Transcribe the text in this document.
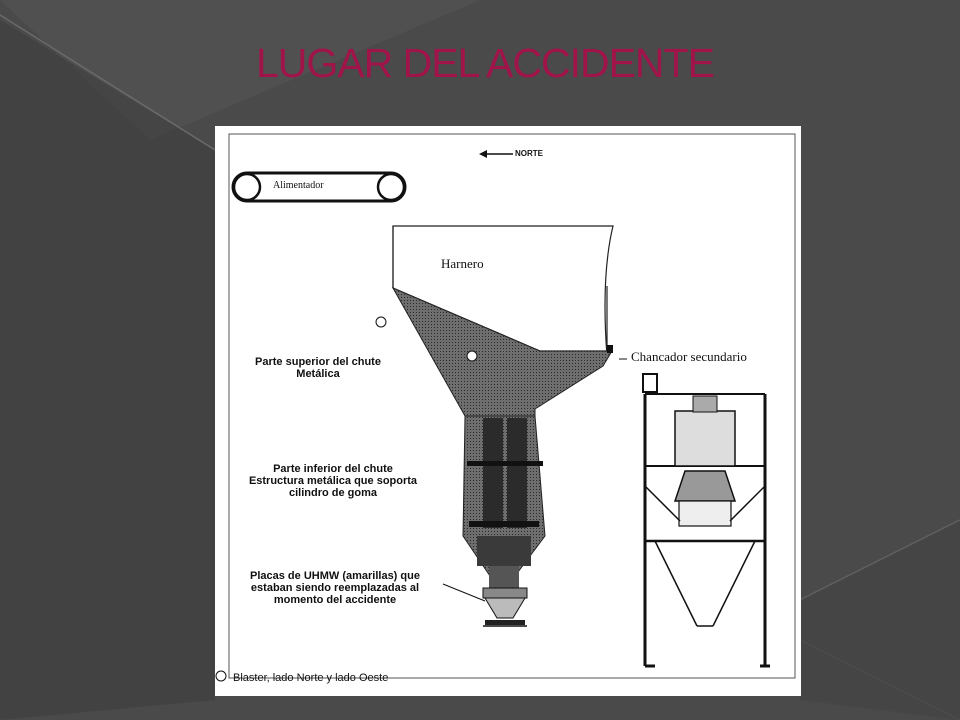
LUGAR DEL ACCIDENTE
NORTE
Alimentador
Harnero
Chancador secundario
Parte superior del chute
Metálica
Parte inferior del chute
Estructura metálica que soporta
cilindro de goma
Placas de UHMW (amarillas) que
estaban siendo reemplazadas al
momento del accidente
Blaster, lado Norte y lado Oeste
